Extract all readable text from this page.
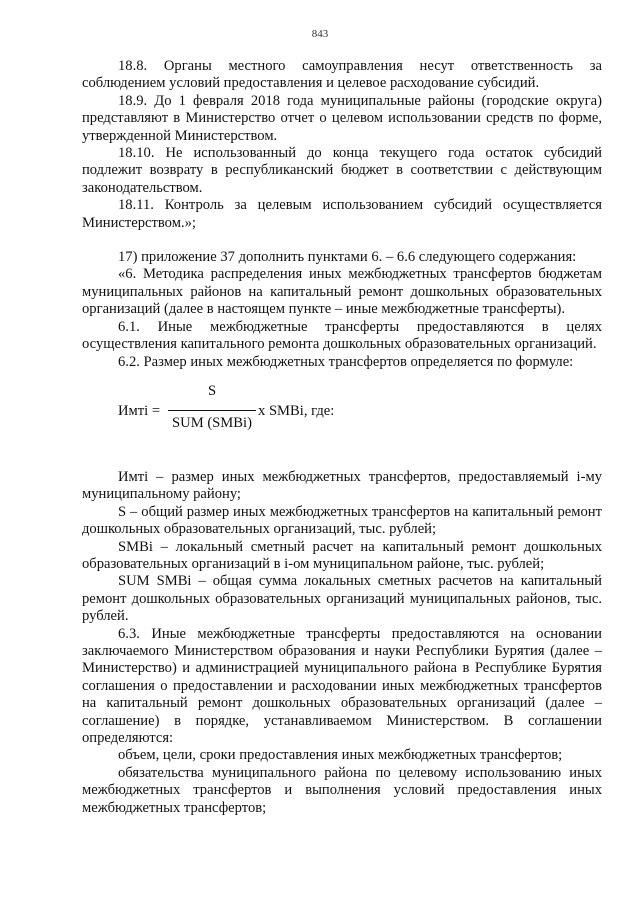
843

18.8. Органы местного самоуправления несут ответственность за соблюдением условий предоставления и целевое расходование субсидий.

18.9. До 1 февраля 2018 года муниципальные районы (городские округа) представляют в Министерство отчет о целевом использовании средств по форме, утвержденной Министерством.

18.10. Не использованный до конца текущего года остаток субсидий подлежит возврату в республиканский бюджет в соответствии с действующим законодательством.

18.11. Контроль за целевым использованием субсидий осуществляется Министерством.»;

17) приложение 37 дополнить пунктами 6. – 6.6 следующего содержания:

«6. Методика распределения иных межбюджетных трансфертов бюджетам муниципальных районов на капитальный ремонт дошкольных образовательных организаций (далее в настоящем пункте – иные межбюджетные трансферты).

6.1. Иные межбюджетные трансферты предоставляются в целях осуществления капитального ремонта дошкольных образовательных организаций.

6.2. Размер иных межбюджетных трансфертов определяется по формуле:

Имті =
S
SUM (SMBi)
x SMBi, где:

Имті – размер иных межбюджетных трансфертов, предоставляемый i-му муниципальному району;

S – общий размер иных межбюджетных трансфертов на капитальный ремонт дошкольных образовательных организаций, тыс. рублей;

SMBi – локальный сметный расчет на капитальный ремонт дошкольных образовательных организаций в i-ом муниципальном районе, тыс. рублей;

SUM SMBi – общая сумма локальных сметных расчетов на капитальный ремонт дошкольных образовательных организаций муниципальных районов, тыс. рублей.

6.3. Иные межбюджетные трансферты предоставляются на основании заключаемого Министерством образования и науки Республики Бурятия (далее – Министерство) и администрацией муниципального района в Республике Бурятия соглашения о предоставлении и расходовании иных межбюджетных трансфертов на капитальный ремонт дошкольных образовательных организаций (далее – соглашение) в порядке, устанавливаемом Министерством. В соглашении определяются:

объем, цели, сроки предоставления иных межбюджетных трансфертов;

обязательства муниципального района по целевому использованию иных межбюджетных трансфертов и выполнения условий предоставления иных межбюджетных трансфертов;
